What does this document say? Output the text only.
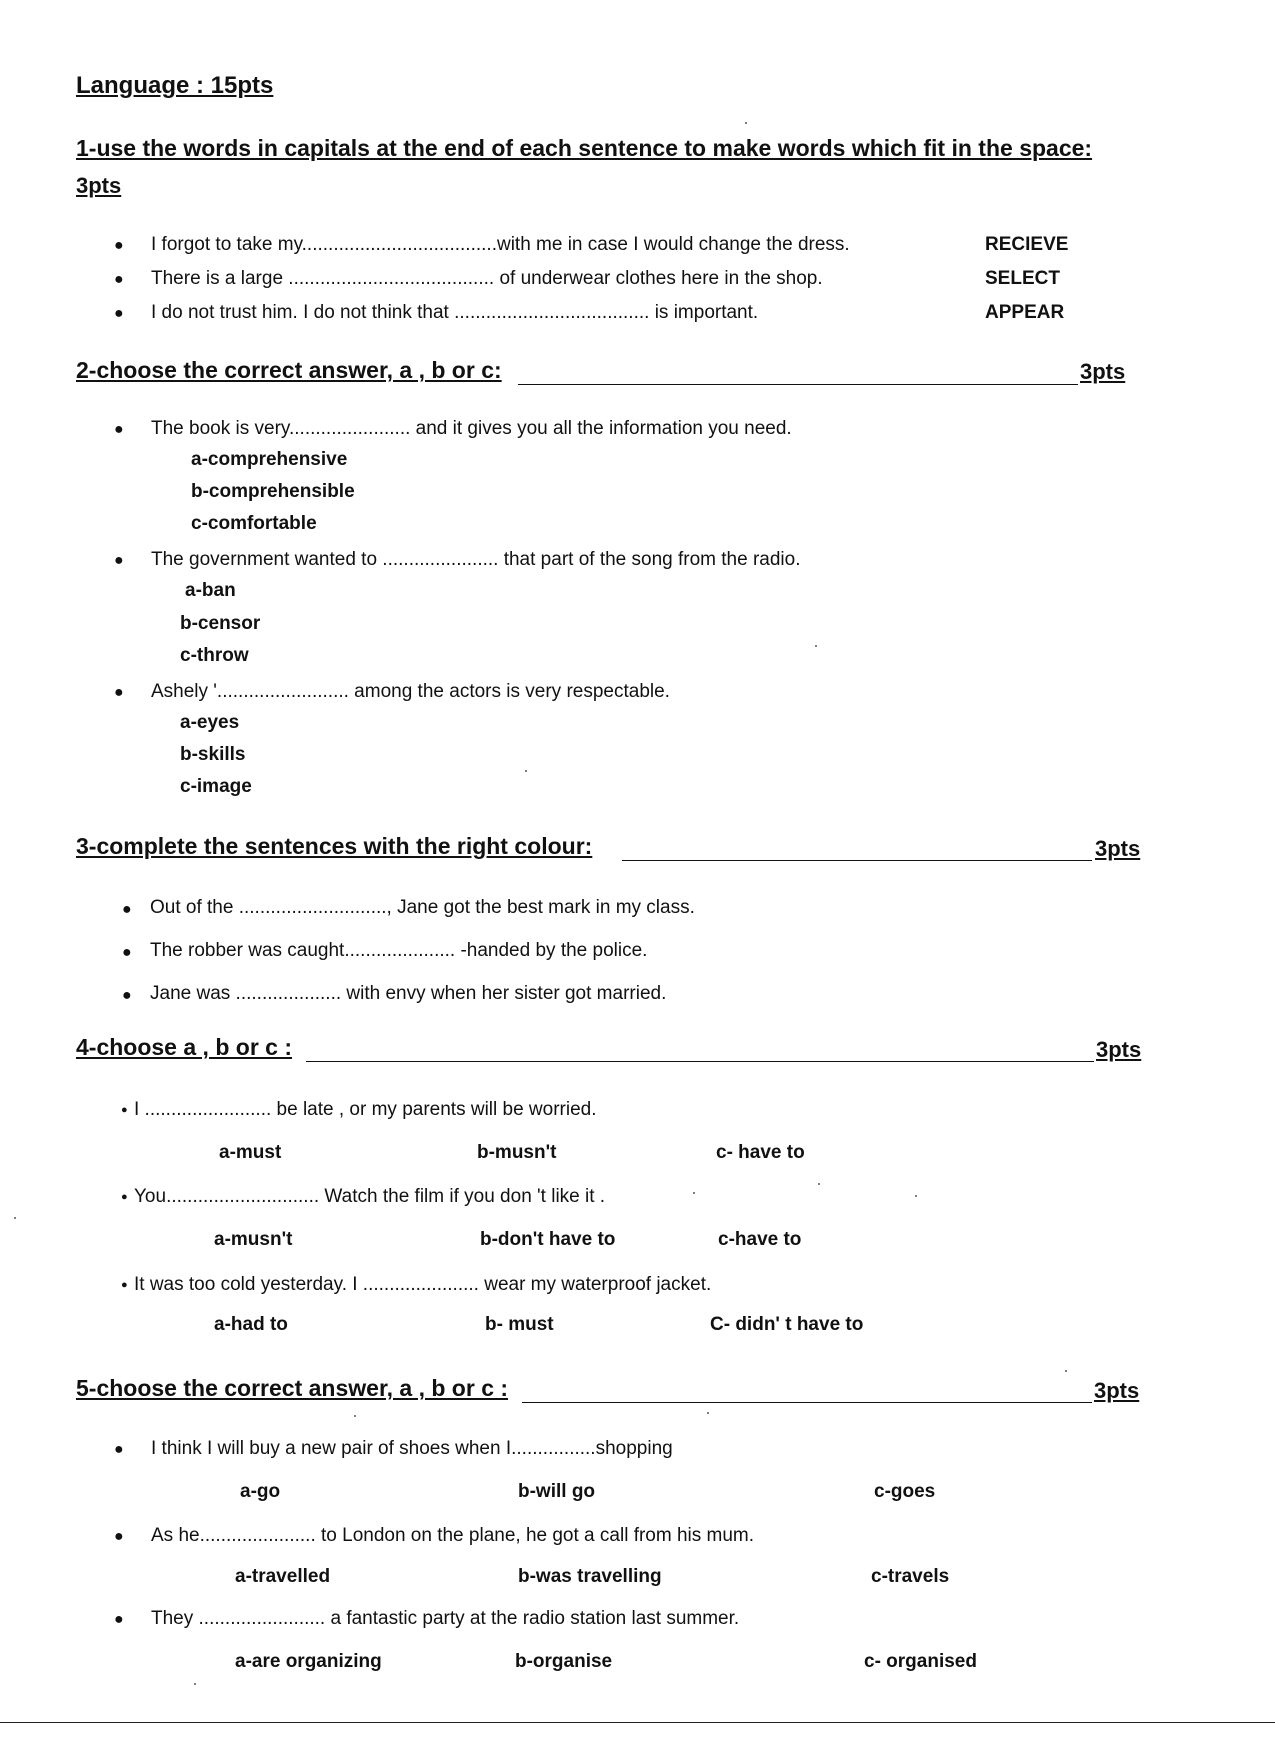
Language : 15pts
1-use the words in capitals at the end of each sentence to make words which fit in the space:
3pts
● I forgot to take my.....................................with me in case I would change the dress.	RECIEVE
● There is a large ....................................... of underwear clothes here in the shop.	SELECT
● I do not trust him. I do not think that ..................................... is important.	APPEAR
2-choose the correct answer, a , b or c:	3pts
● The book is very....................... and it gives you all the information you need.
a-comprehensive
b-comprehensible
c-comfortable
● The government wanted to ...................... that part of the song from the radio.
a-ban
b-censor
c-throw
● Ashely '......................... among the actors is very respectable.
a-eyes
b-skills
c-image
3-complete the sentences with the right colour:	3pts
● Out of the ............................, Jane got the best mark in my class.
● The robber was caught..................... -handed by the police.
● Jane was .................... with envy when her sister got married.
4-choose a , b or c :	3pts
● I ........................ be late , or my parents will be worried.
a-must	b-musn't	c- have to
● You............................. Watch the film if you don 't like it .
a-musn't	b-don't have to	c-have to
● It was too cold yesterday. I ...................... wear my waterproof jacket.
a-had to	b- must	C- didn' t have to
5-choose the correct answer, a , b or c :	3pts
● I think I will buy a new pair of shoes when I................shopping
a-go	b-will go	c-goes
● As he...................... to London on the plane, he got a call from his mum.
a-travelled	b-was travelling	c-travels
● They ........................ a fantastic party at the radio station last summer.
a-are organizing	b-organise	c- organised
